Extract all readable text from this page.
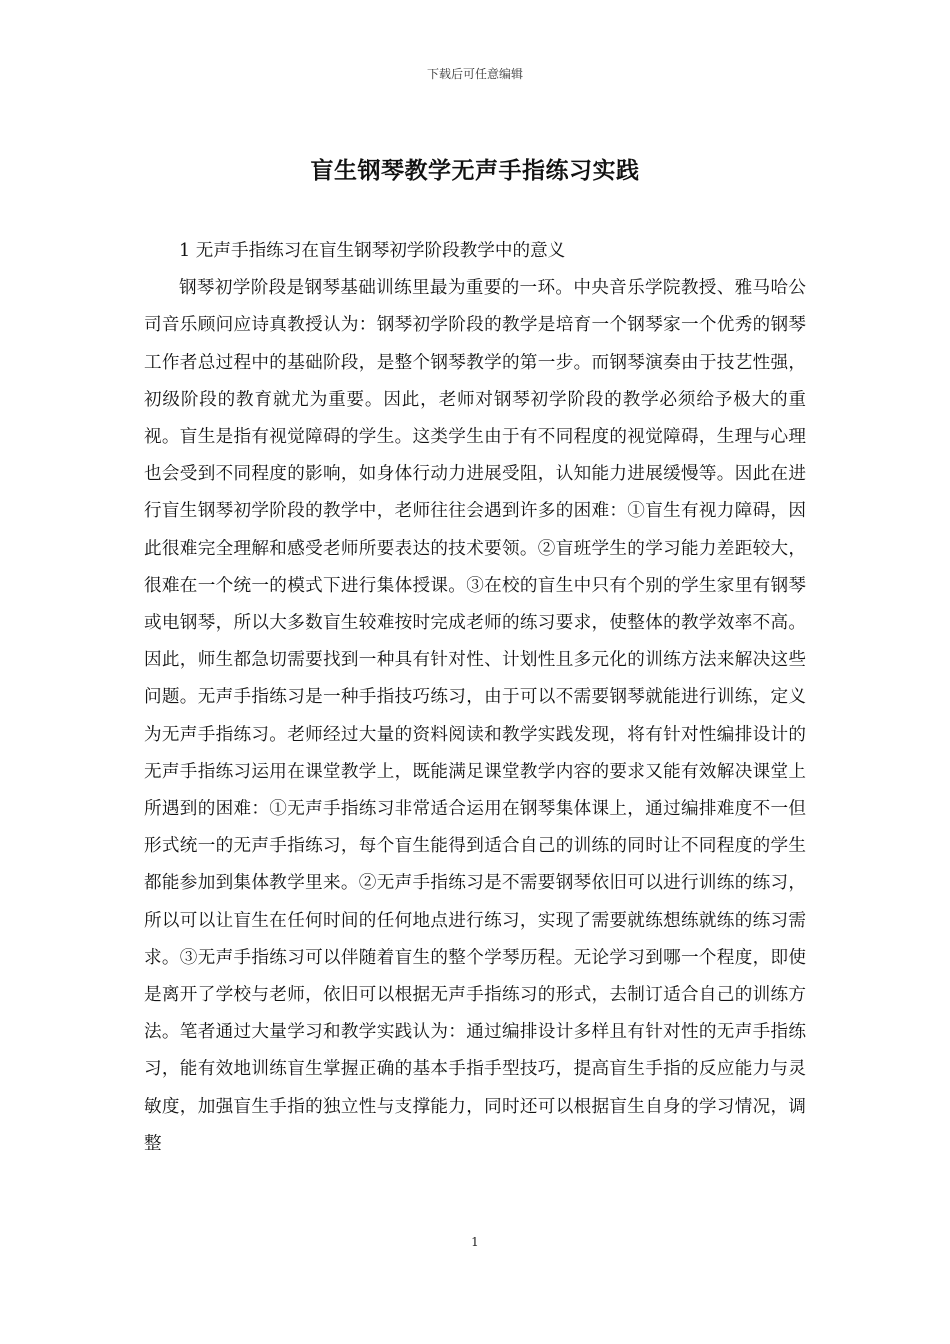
下载后可任意编辑
盲生钢琴教学无声手指练习实践

1 无声手指练习在盲生钢琴初学阶段教学中的意义

钢琴初学阶段是钢琴基础训练里最为重要的一环。中央音乐学院教授、雅马哈公司音乐顾问应诗真教授认为：钢琴初学阶段的教学是培育一个钢琴家一个优秀的钢琴工作者总过程中的基础阶段，是整个钢琴教学的第一步。而钢琴演奏由于技艺性强，初级阶段的教育就尤为重要。因此，老师对钢琴初学阶段的教学必须给予极大的重视。盲生是指有视觉障碍的学生。这类学生由于有不同程度的视觉障碍，生理与心理也会受到不同程度的影响，如身体行动力进展受阻，认知能力进展缓慢等。因此在进行盲生钢琴初学阶段的教学中，老师往往会遇到许多的困难：①盲生有视力障碍，因此很难完全理解和感受老师所要表达的技术要领。②盲班学生的学习能力差距较大，很难在一个统一的模式下进行集体授课。③在校的盲生中只有个别的学生家里有钢琴或电钢琴，所以大多数盲生较难按时完成老师的练习要求，使整体的教学效率不高。因此，师生都急切需要找到一种具有针对性、计划性且多元化的训练方法来解决这些问题。无声手指练习是一种手指技巧练习，由于可以不需要钢琴就能进行训练，定义为无声手指练习。老师经过大量的资料阅读和教学实践发现，将有针对性编排设计的无声手指练习运用在课堂教学上，既能满足课堂教学内容的要求又能有效解决课堂上所遇到的困难：①无声手指练习非常适合运用在钢琴集体课上，通过编排难度不一但形式统一的无声手指练习，每个盲生能得到适合自己的训练的同时让不同程度的学生都能参加到集体教学里来。②无声手指练习是不需要钢琴依旧可以进行训练的练习，所以可以让盲生在任何时间的任何地点进行练习，实现了需要就练想练就练的练习需求。③无声手指练习可以伴随着盲生的整个学琴历程。无论学习到哪一个程度，即使是离开了学校与老师，依旧可以根据无声手指练习的形式，去制订适合自己的训练方法。笔者通过大量学习和教学实践认为：通过编排设计多样且有针对性的无声手指练习，能有效地训练盲生掌握正确的基本手指手型技巧，提高盲生手指的反应能力与灵敏度，加强盲生手指的独立性与支撑能力，同时还可以根据盲生自身的学习情况，调整

1
